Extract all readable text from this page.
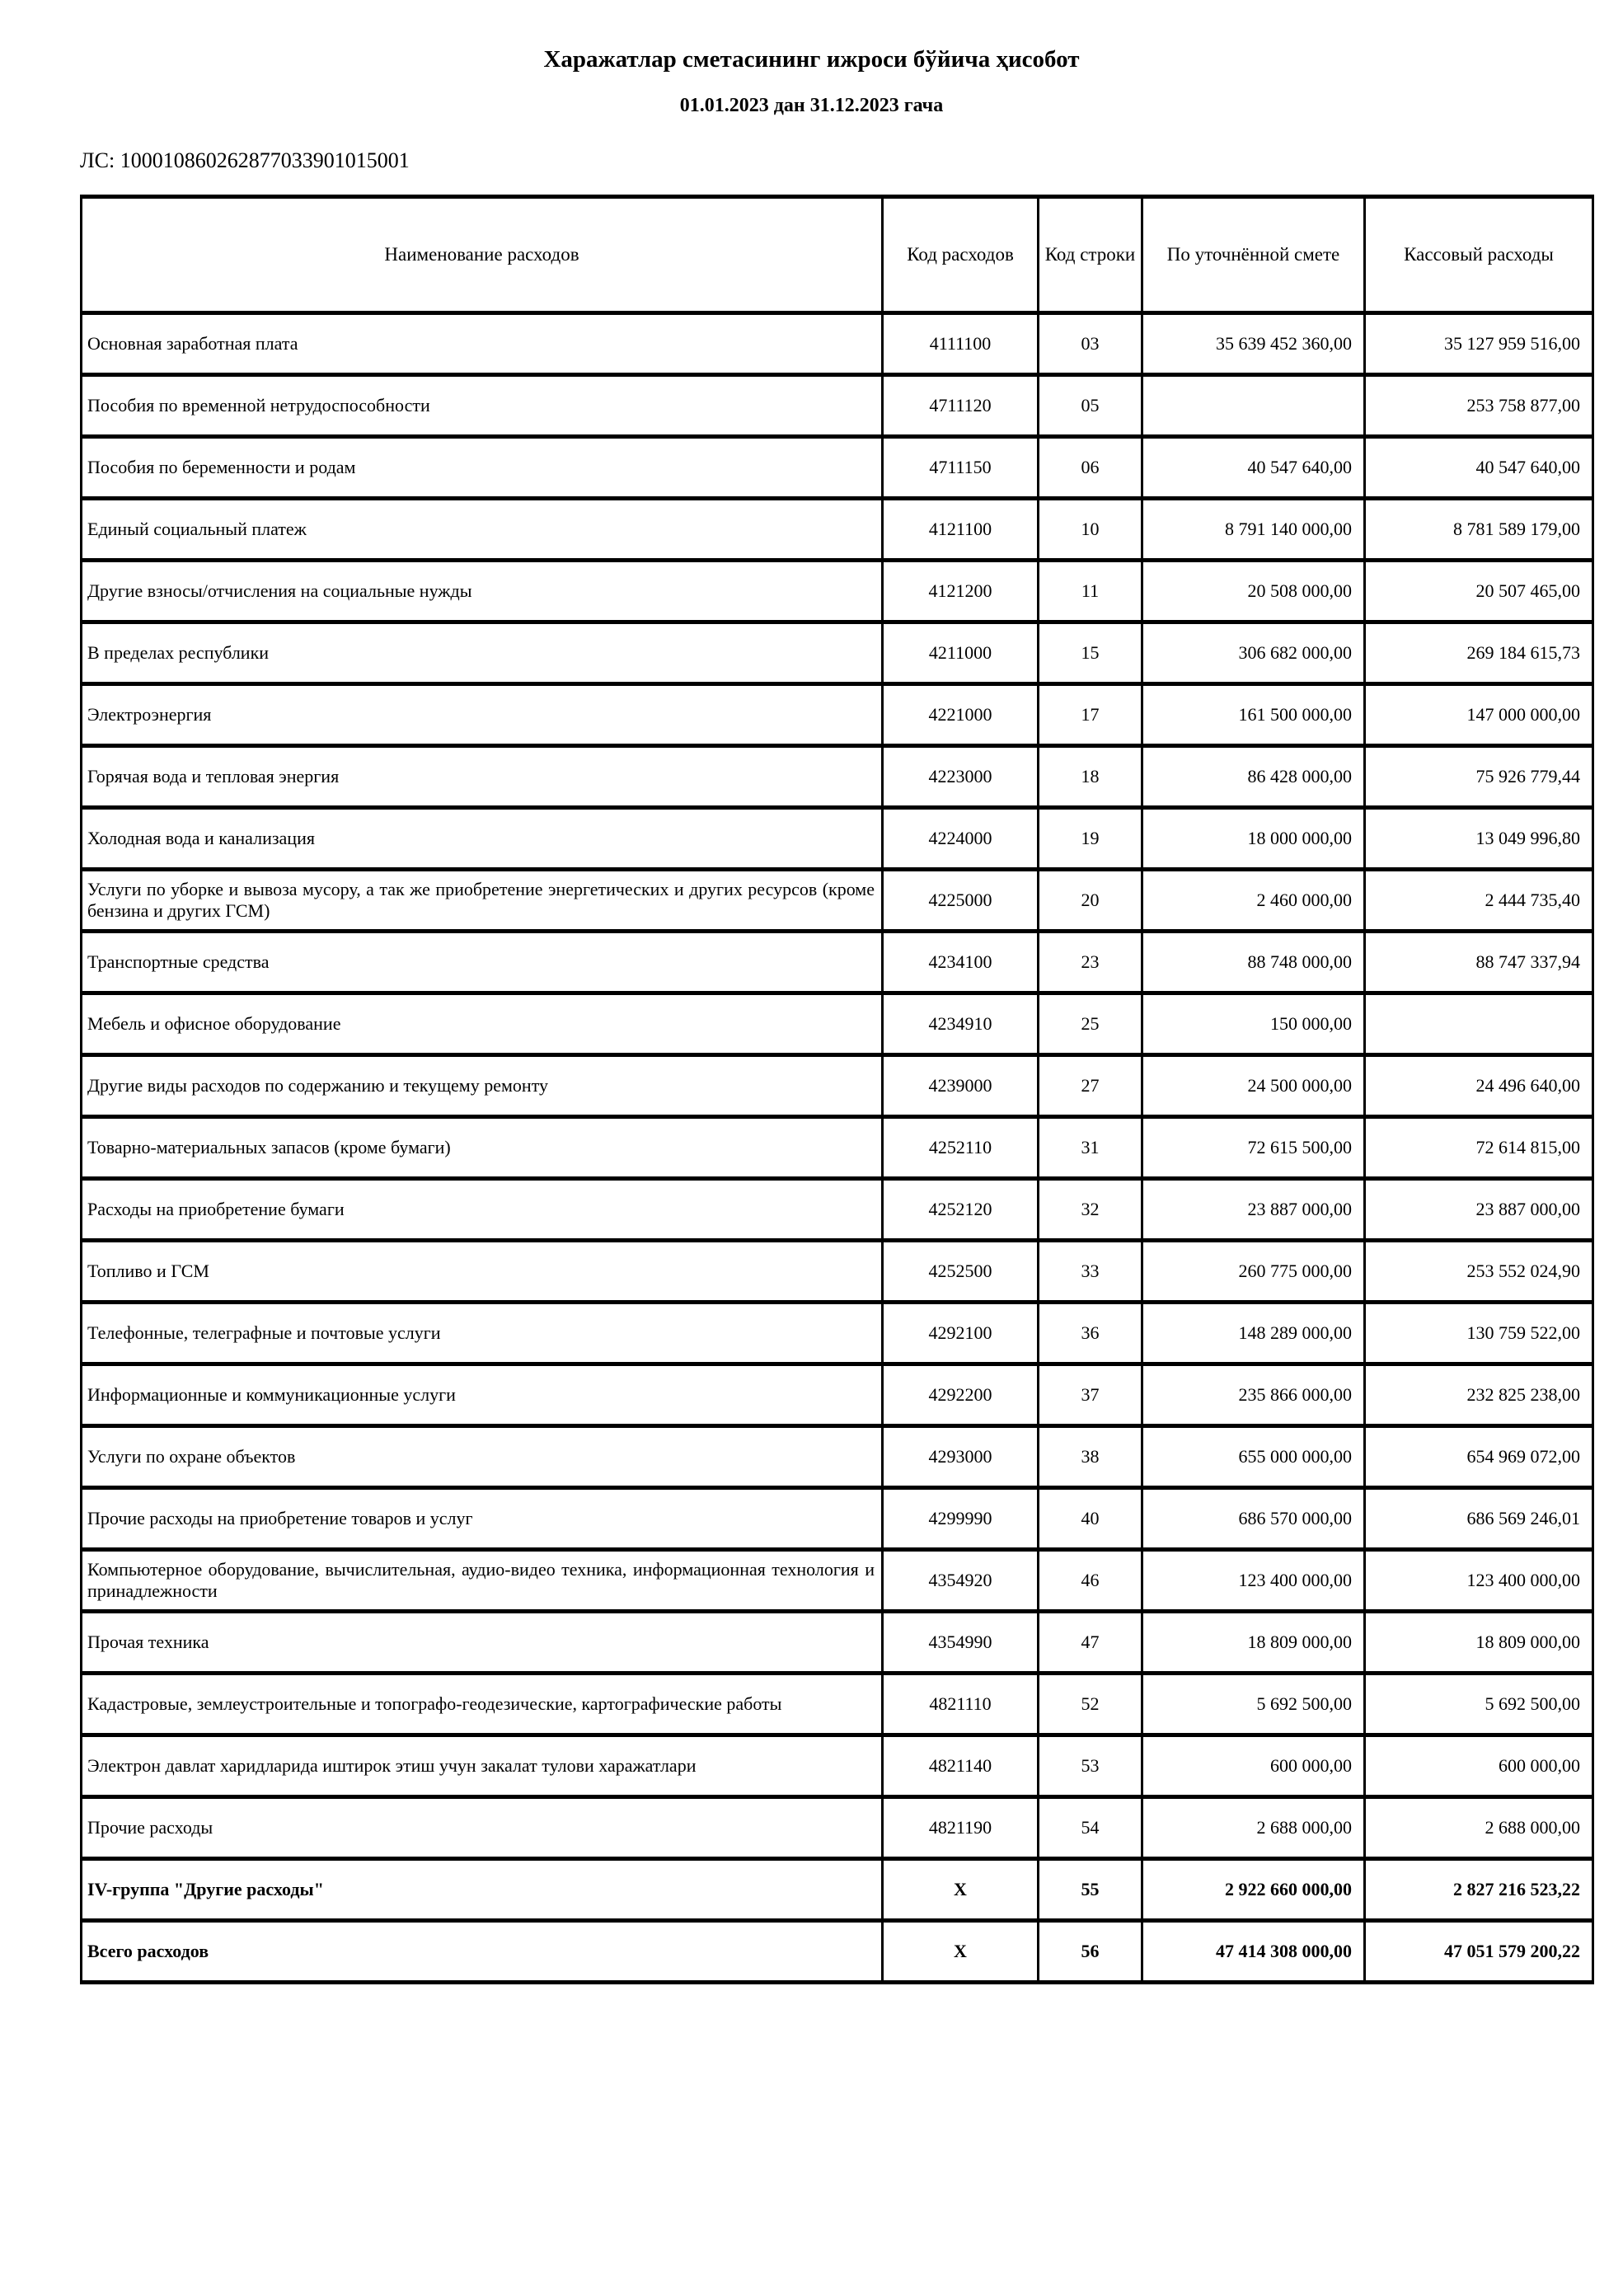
Харажатлар сметасининг ижроси бўйича ҳисобот
01.01.2023 дан 31.12.2023 гача
ЛС: 100010860262877033901015001
Наименование расходов	Код расходов	Код строки	По уточнённой смете	Кассовый расходы
Основная заработная плата	4111100	03	35 639 452 360,00	35 127 959 516,00
Пособия по временной нетрудоспособности	4711120	05		253 758 877,00
Пособия по беременности и родам	4711150	06	40 547 640,00	40 547 640,00
Единый социальный платеж	4121100	10	8 791 140 000,00	8 781 589 179,00
Другие взносы/отчисления на социальные нужды	4121200	11	20 508 000,00	20 507 465,00
В пределах республики	4211000	15	306 682 000,00	269 184 615,73
Электроэнергия	4221000	17	161 500 000,00	147 000 000,00
Горячая вода и тепловая энергия	4223000	18	86 428 000,00	75 926 779,44
Холодная вода и канализация	4224000	19	18 000 000,00	13 049 996,80
Услуги по уборке и вывоза мусору, а так же приобретение энергетических и других ресурсов (кроме бензина и других ГСМ)	4225000	20	2 460 000,00	2 444 735,40
Транспортные средства	4234100	23	88 748 000,00	88 747 337,94
Мебель и офисное оборудование	4234910	25	150 000,00	
Другие виды расходов по содержанию и текущему ремонту	4239000	27	24 500 000,00	24 496 640,00
Товарно-материальных запасов (кроме бумаги)	4252110	31	72 615 500,00	72 614 815,00
Расходы на приобретение бумаги	4252120	32	23 887 000,00	23 887 000,00
Топливо и ГСМ	4252500	33	260 775 000,00	253 552 024,90
Телефонные, телеграфные и почтовые услуги	4292100	36	148 289 000,00	130 759 522,00
Информационные и коммуникационные услуги	4292200	37	235 866 000,00	232 825 238,00
Услуги по охране объектов	4293000	38	655 000 000,00	654 969 072,00
Прочие расходы на приобретение товаров и услуг	4299990	40	686 570 000,00	686 569 246,01
Компьютерное оборудование, вычислительная, аудио-видео техника, информационная технология и принадлежности	4354920	46	123 400 000,00	123 400 000,00
Прочая техника	4354990	47	18 809 000,00	18 809 000,00
Кадастровые, землеустроительные и топографо-геодезические, картографические работы	4821110	52	5 692 500,00	5 692 500,00
Электрон давлат харидларида иштирок этиш учун закалат тулови харажатлари	4821140	53	600 000,00	600 000,00
Прочие расходы	4821190	54	2 688 000,00	2 688 000,00
IV-группа "Другие расходы"	X	55	2 922 660 000,00	2 827 216 523,22
Всего расходов	X	56	47 414 308 000,00	47 051 579 200,22
